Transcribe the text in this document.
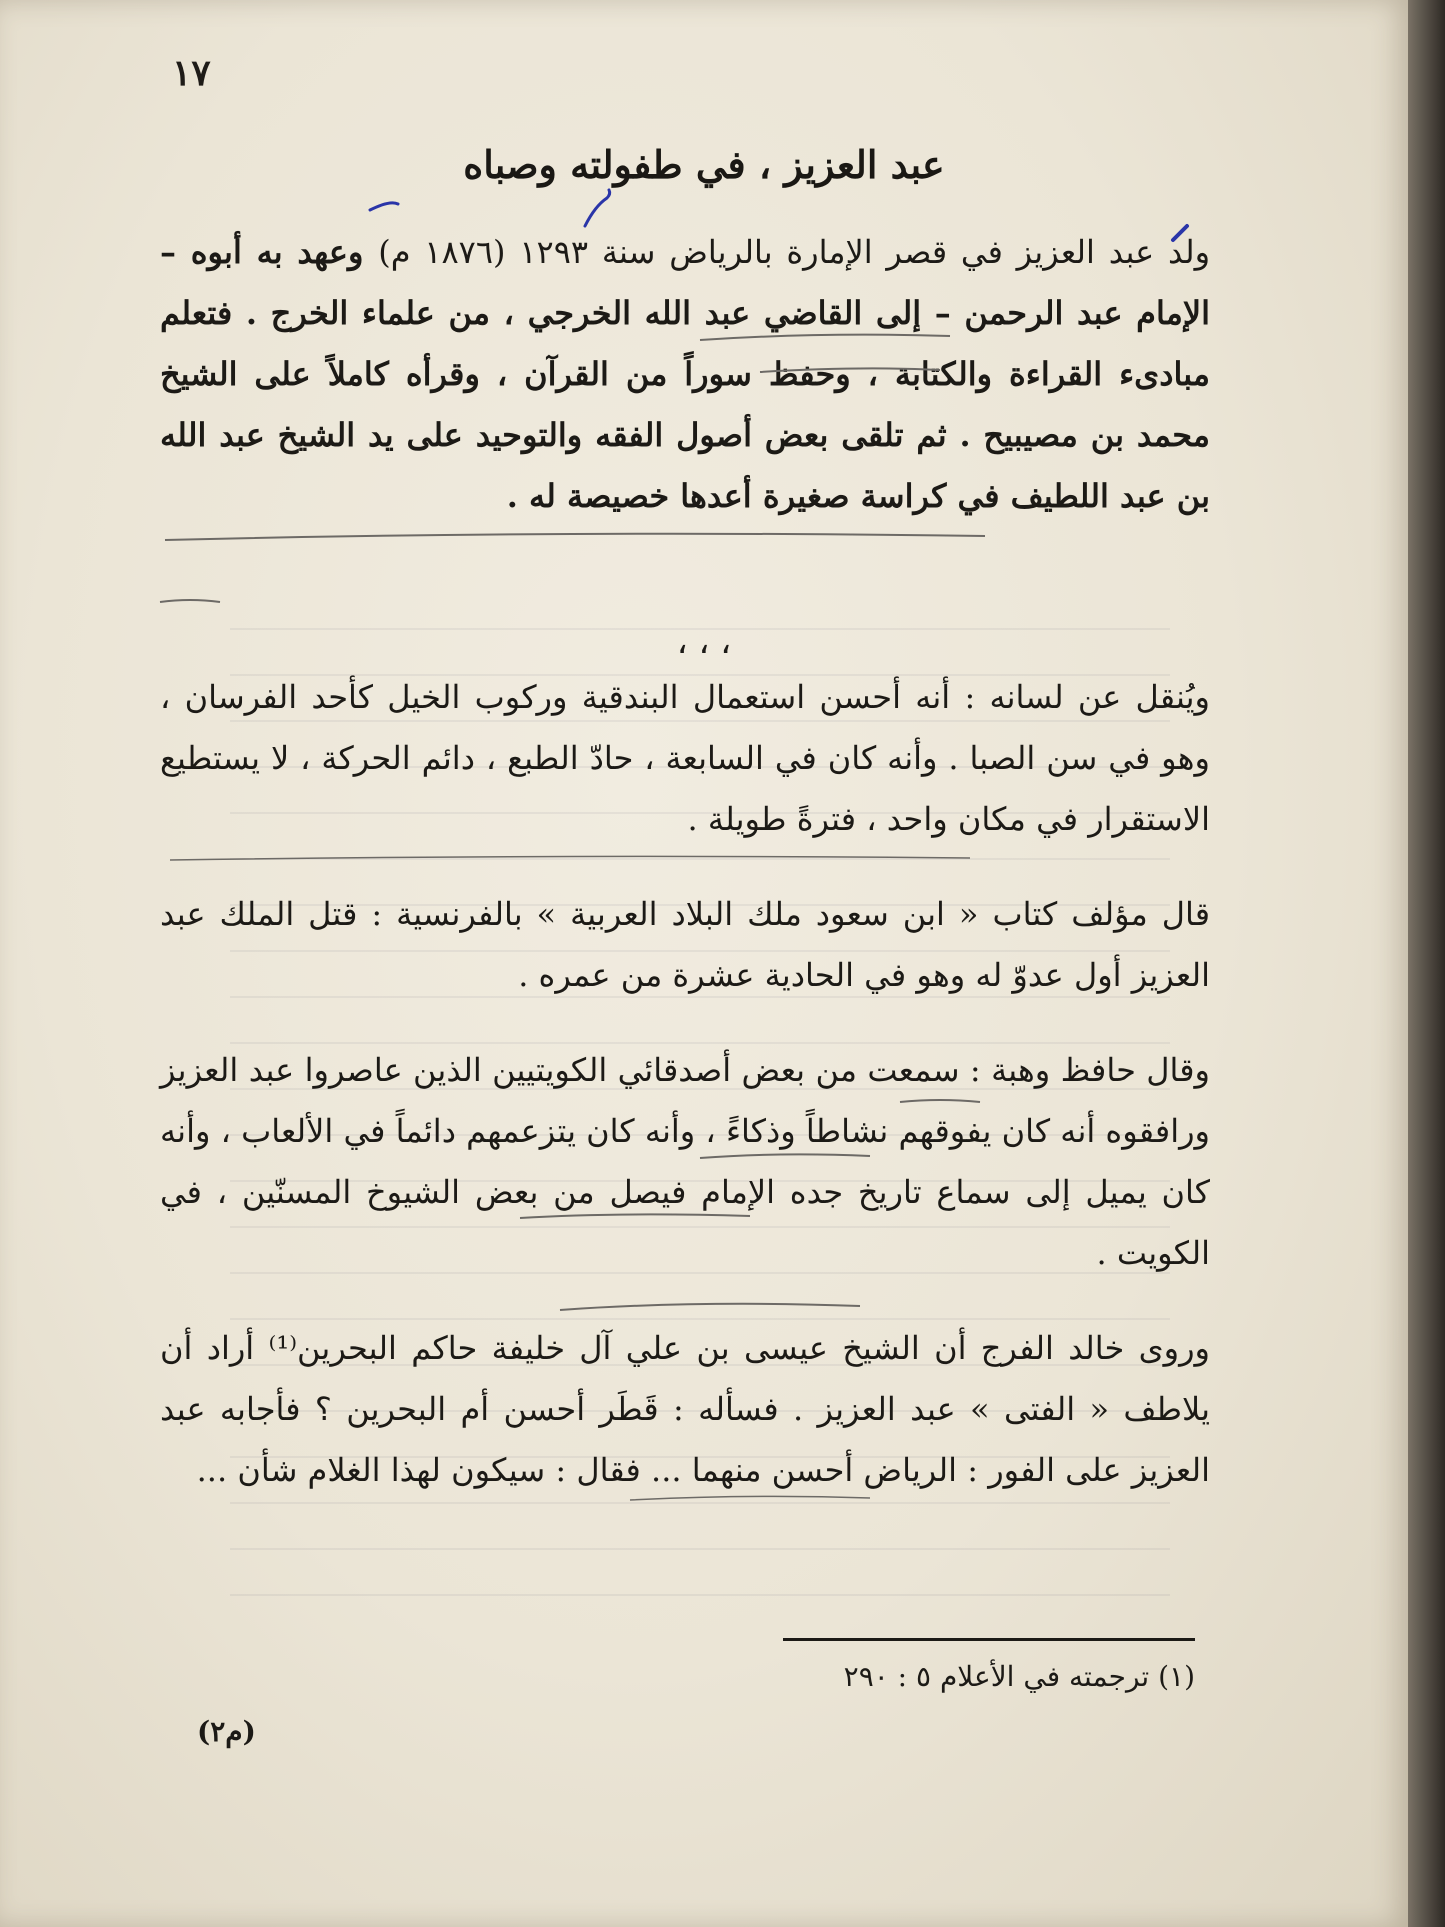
١٧
عبد العزيز ، في طفولته وصباه
، ، ،

ولد عبد العزيز في قصر الإمارة بالرياض سنة ١٢٩٣ (١٨٧٦ م) وعهد به أبوه – الإمام عبد الرحمن – إلى القاضي عبد الله الخرجي ، من علماء الخرج . فتعلم مبادىء القراءة والكتابة ، وحفظ سوراً من القرآن ، وقرأه كاملاً على الشيخ محمد بن مصيبيح . ثم تلقى بعض أصول الفقه والتوحيد على يد الشيخ عبد الله بن عبد اللطيف في كراسة صغيرة أعدها خصيصة له .

ويُنقل عن لسانه : أنه أحسن استعمال البندقية وركوب الخيل كأحد الفرسان ، وهو في سن الصبا . وأنه كان في السابعة ، حادّ الطبع ، دائم الحركة ، لا يستطيع الاستقرار في مكان واحد ، فترةً طويلة .

قال مؤلف كتاب « ابن سعود ملك البلاد العربية » بالفرنسية : قتل الملك عبد العزيز أول عدوّ له وهو في الحادية عشرة من عمره .

وقال حافظ وهبة : سمعت من بعض أصدقائي الكويتيين الذين عاصروا عبد العزيز ورافقوه أنه كان يفوقهم نشاطاً وذكاءً ، وأنه كان يتزعمهم دائماً في الألعاب ، وأنه كان يميل إلى سماع تاريخ جده الإمام فيصل من بعض الشيوخ المسنّين ، في الكويت .

وروى خالد الفرج أن الشيخ عيسى بن علي آل خليفة حاكم البحرين⁽¹⁾ أراد أن يلاطف « الفتى » عبد العزيز . فسأله : قَطَر أحسن أم البحرين ؟ فأجابه عبد العزيز على الفور : الرياض أحسن منهما ... فقال : سيكون لهذا الغلام شأن ...

(١) ترجمته في الأعلام ٥ : ٢٩٠
(م٢)
